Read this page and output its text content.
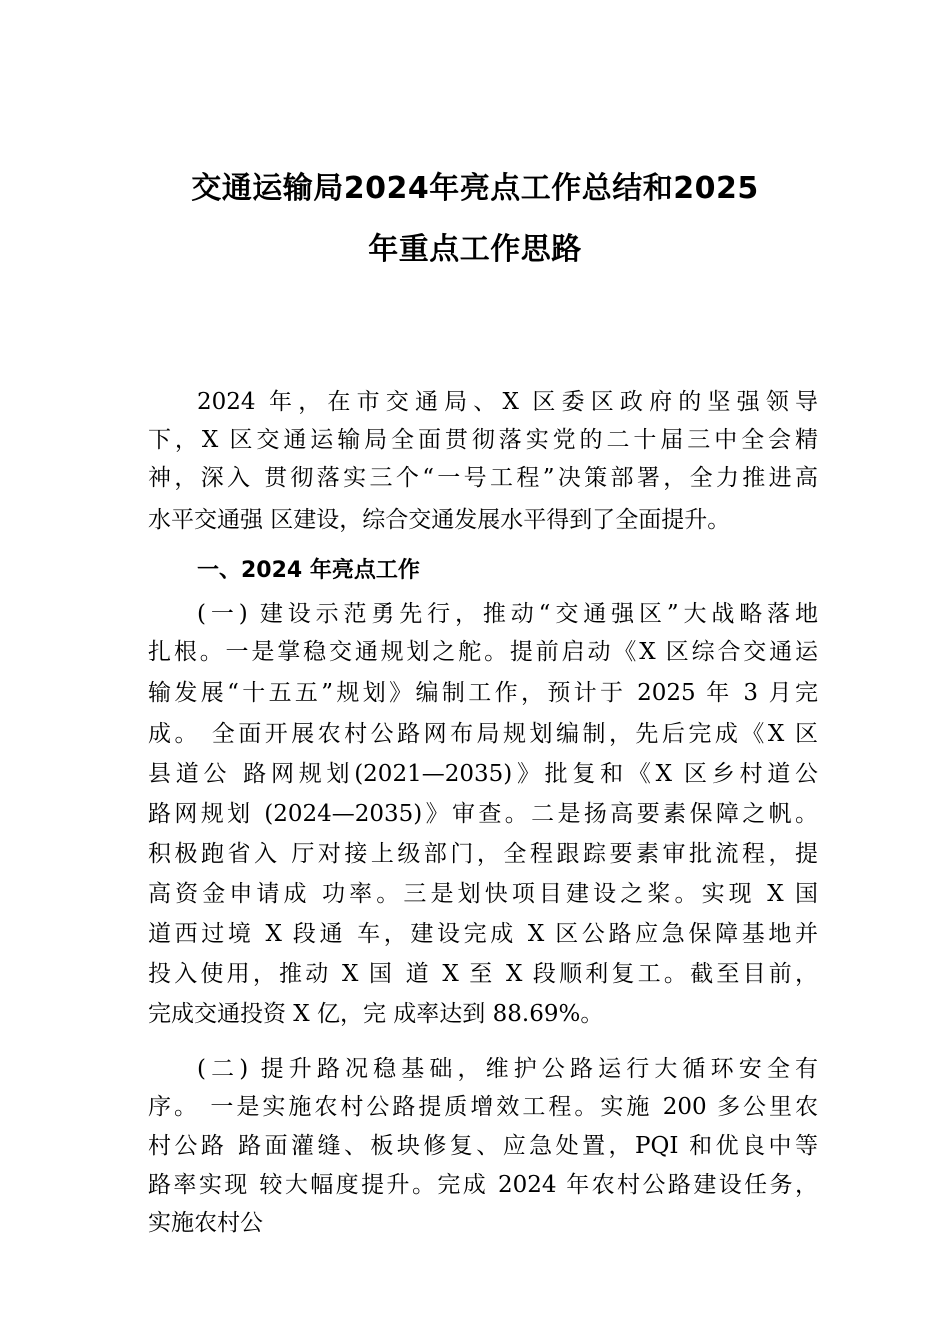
交通运输局2024年亮点工作总结和2025
年重点工作思路
2024 年，在市交通局、X 区委区政府的坚强领导
下，X 区交通运输局全面贯彻落实党的二十届三中全会精
神，深入 贯彻落实三个“一号工程”决策部署，全力推进高
水平交通强 区建设，综合交通发展水平得到了全面提升。
一、2024 年亮点工作
(一) 建设示范勇先行，推动“交通强区”大战略落地
扎根。一是掌稳交通规划之舵。提前启动《X 区综合交通运
输发展“十五五”规划》编制工作，预计于 2025 年 3 月完
成。 全面开展农村公路网布局规划编制，先后完成《X 区
县道公 路网规划(2021—2035)》批复和《X 区乡村道公
路网规划 (2024—2035)》审查。二是扬高要素保障之帆。
积极跑省入 厅对接上级部门，全程跟踪要素审批流程，提
高资金申请成 功率。三是划快项目建设之桨。实现 X 国
道西过境 X 段通 车，建设完成 X 区公路应急保障基地并
投入使用，推动 X 国 道 X 至 X 段顺利复工。截至目前，
完成交通投资 X 亿，完 成率达到 88.69%。
(二) 提升路况稳基础，维护公路运行大循环安全有
序。 一是实施农村公路提质增效工程。实施 200 多公里农
村公路 路面灌缝、板块修复、应急处置，PQI 和优良中等
路率实现 较大幅度提升。完成 2024 年农村公路建设任务，
实施农村公
